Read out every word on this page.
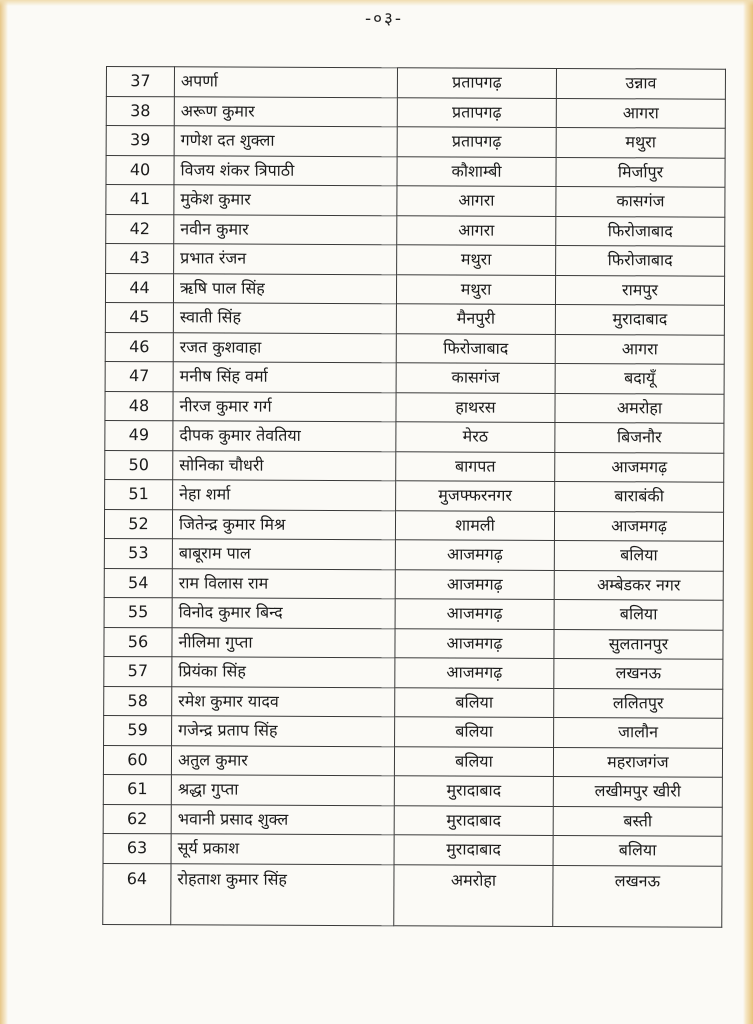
-०३-
37	अपर्णा	प्रतापगढ़	उन्नाव
38	अरूण कुमार	प्रतापगढ़	आगरा
39	गणेश दत शुक्ला	प्रतापगढ़	मथुरा
40	विजय शंकर त्रिपाठी	कौशाम्बी	मिर्जापुर
41	मुकेश कुमार	आगरा	कासगंज
42	नवीन कुमार	आगरा	फिरोजाबाद
43	प्रभात रंजन	मथुरा	फिरोजाबाद
44	ऋषि पाल सिंह	मथुरा	रामपुर
45	स्वाती सिंह	मैनपुरी	मुरादाबाद
46	रजत कुशवाहा	फिरोजाबाद	आगरा
47	मनीष सिंह वर्मा	कासगंज	बदायूँ
48	नीरज कुमार गर्ग	हाथरस	अमरोहा
49	दीपक कुमार तेवतिया	मेरठ	बिजनौर
50	सोनिका चौधरी	बागपत	आजमगढ़
51	नेहा शर्मा	मुजफ्फरनगर	बाराबंकी
52	जितेन्द्र कुमार मिश्र	शामली	आजमगढ़
53	बाबूराम पाल	आजमगढ़	बलिया
54	राम विलास राम	आजमगढ़	अम्बेडकर नगर
55	विनोद कुमार बिन्द	आजमगढ़	बलिया
56	नीलिमा गुप्ता	आजमगढ़	सुलतानपुर
57	प्रियंका सिंह	आजमगढ़	लखनऊ
58	रमेश कुमार यादव	बलिया	ललितपुर
59	गजेन्द्र प्रताप सिंह	बलिया	जालौन
60	अतुल कुमार	बलिया	महराजगंज
61	श्रद्धा गुप्ता	मुरादाबाद	लखीमपुर खीरी
62	भवानी प्रसाद शुक्ल	मुरादाबाद	बस्ती
63	सूर्य प्रकाश	मुरादाबाद	बलिया
64	रोहताश कुमार सिंह	अमरोहा	लखनऊ
